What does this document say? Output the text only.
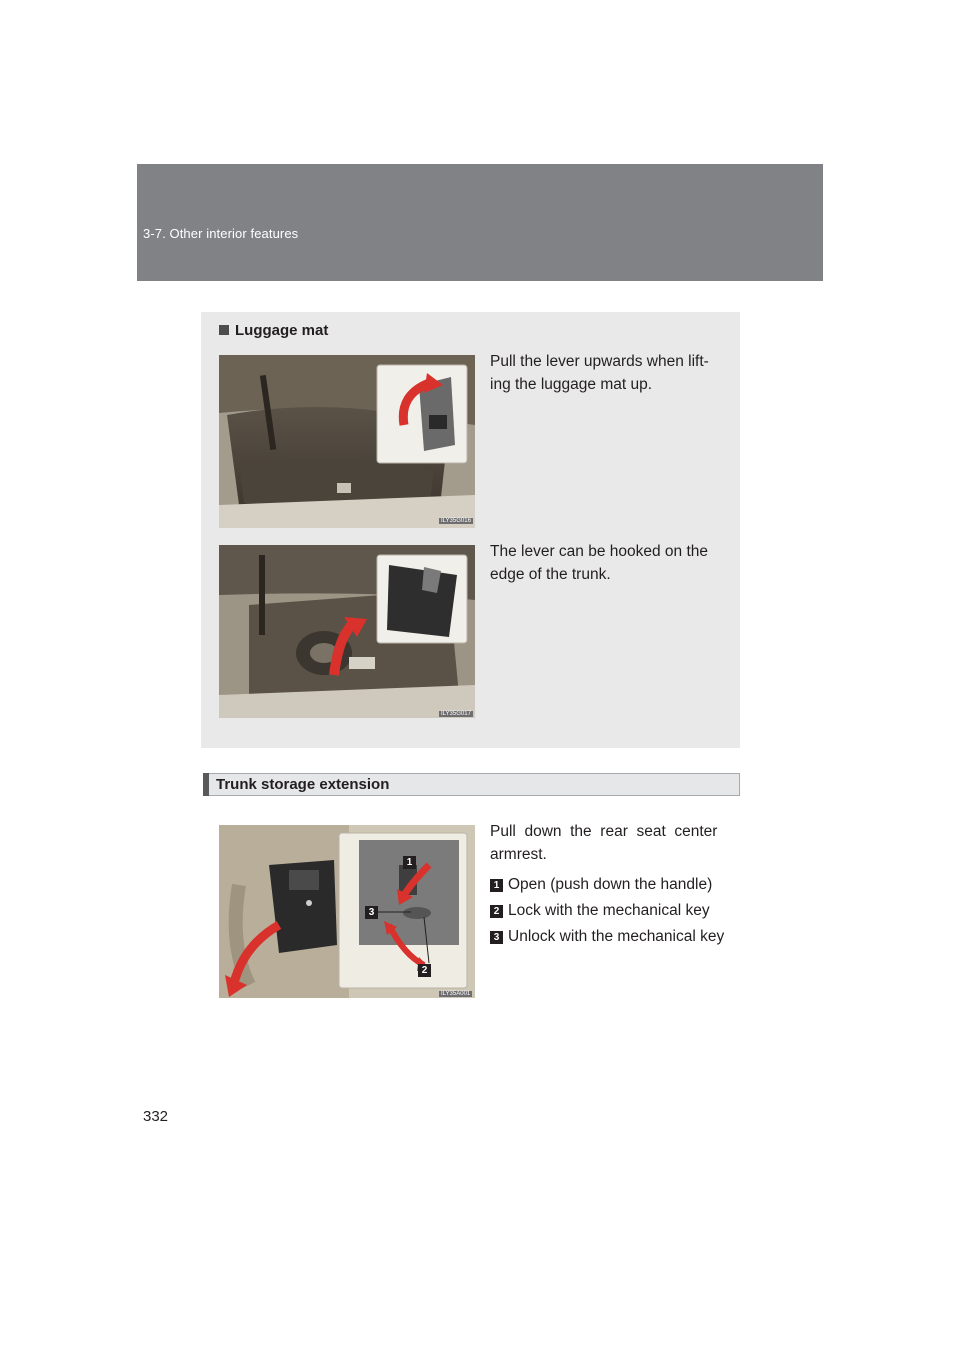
3-7. Other interior features
Luggage mat
ILY35G016
Pull the lever upwards when lift-
ing the luggage mat up.
ILY35G017
The lever can be hooked on the
edge of the trunk.
Trunk storage extension
1
3
2
ILY35A001
Pull  down  the  rear  seat  center
armrest.
1 Open (push down the handle)
2 Lock with the mechanical key
3 Unlock with the mechanical key
332
